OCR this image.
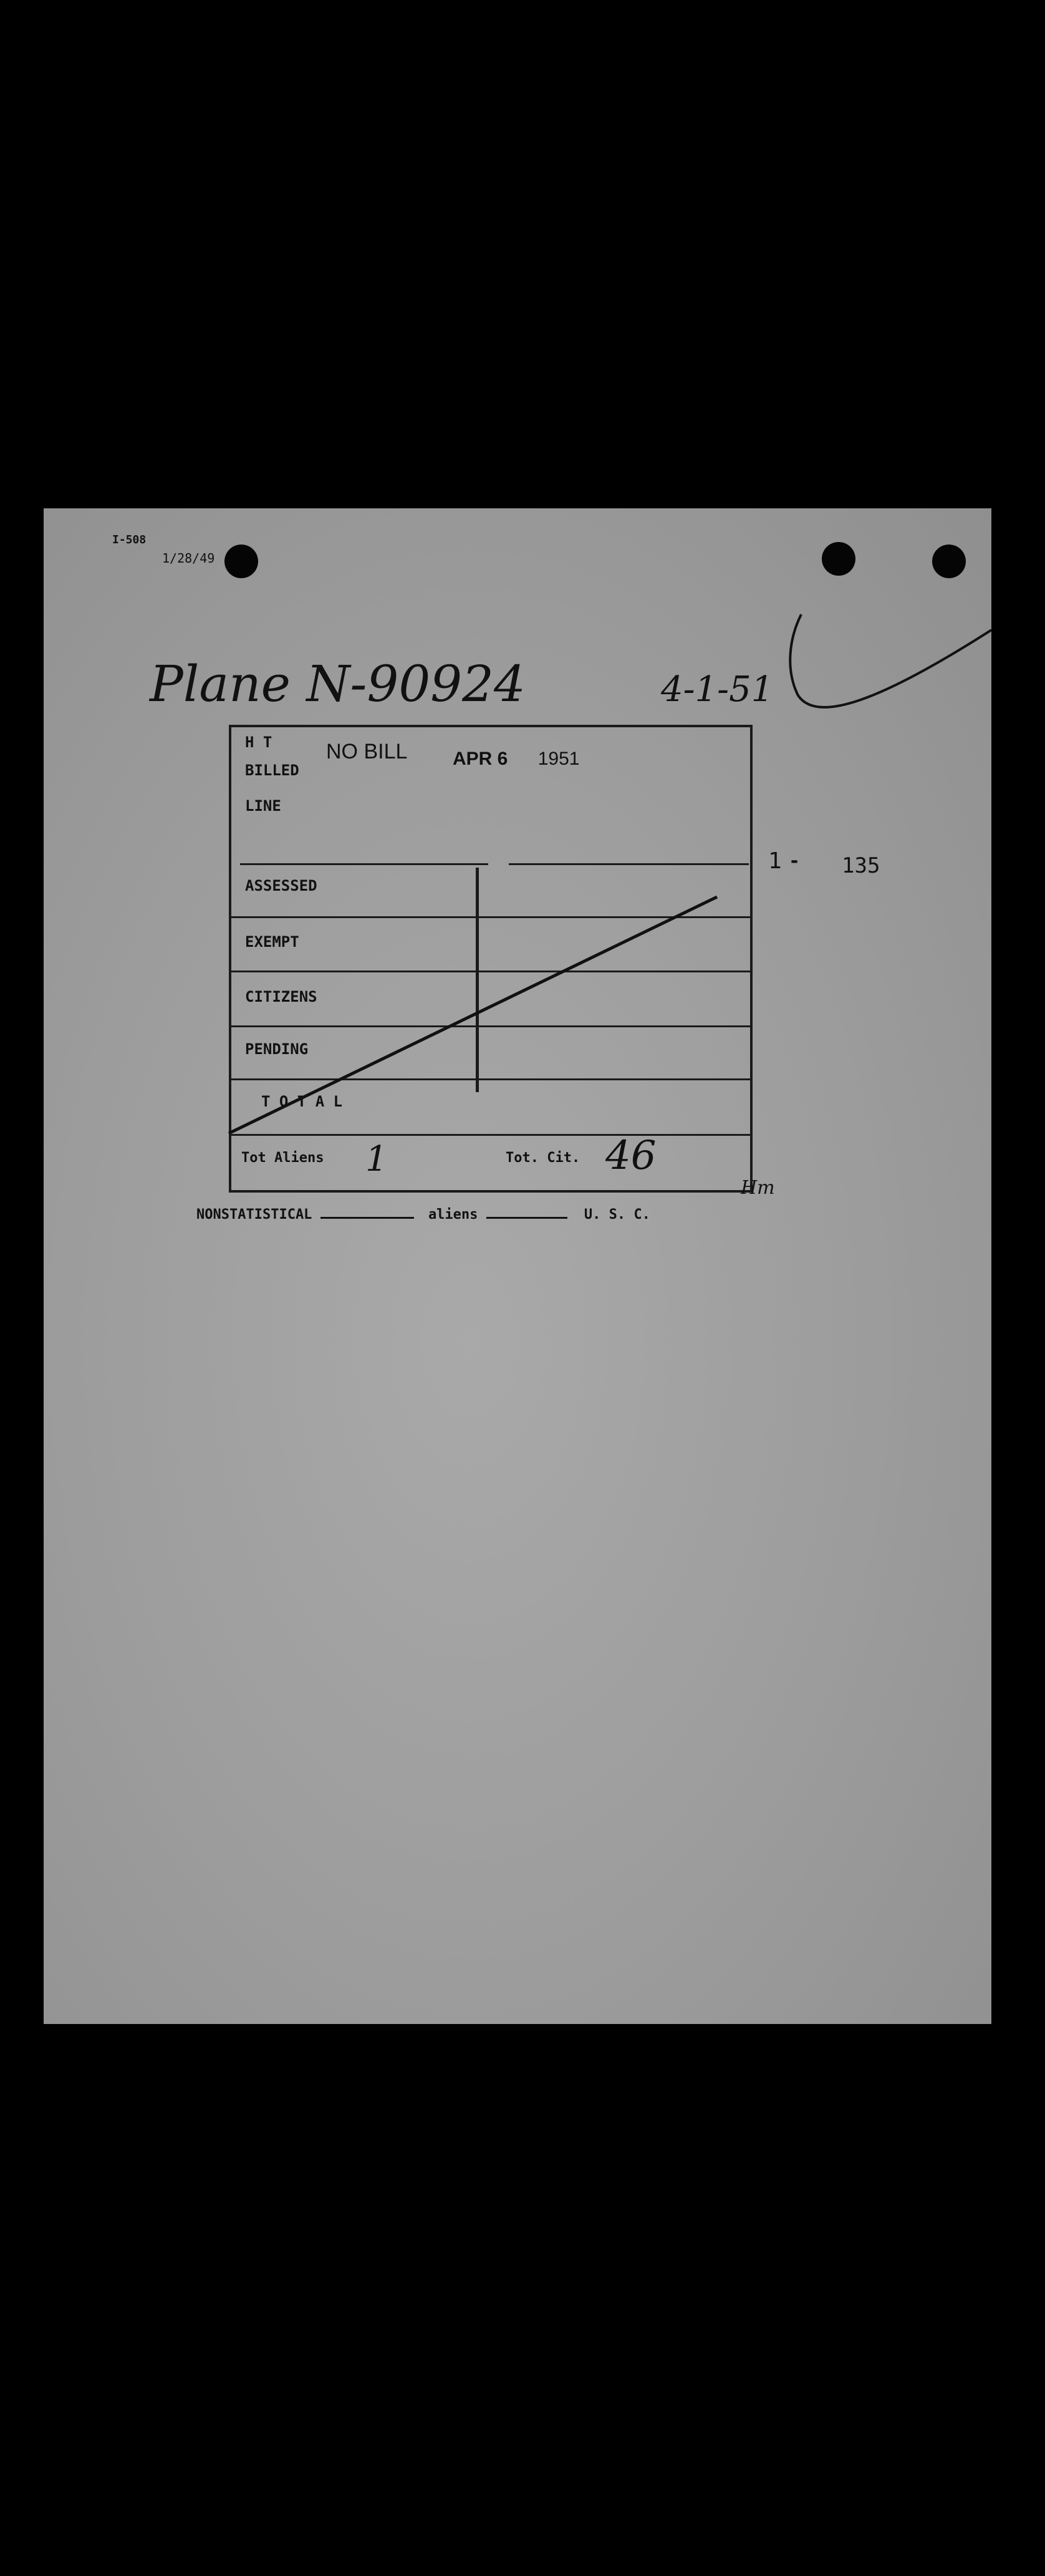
I-508
1/28/49
Plane N-90924	4-1-51
1 - 135
H T
BILLED
LINE
NO BILL APR 6 1951
ASSESSED
EXEMPT
CITIZENS
PENDING
T O T A L
Tot Aliens 1	Tot. Cit. 46
Hm
NONSTATISTICAL	aliens	U. S. C.
